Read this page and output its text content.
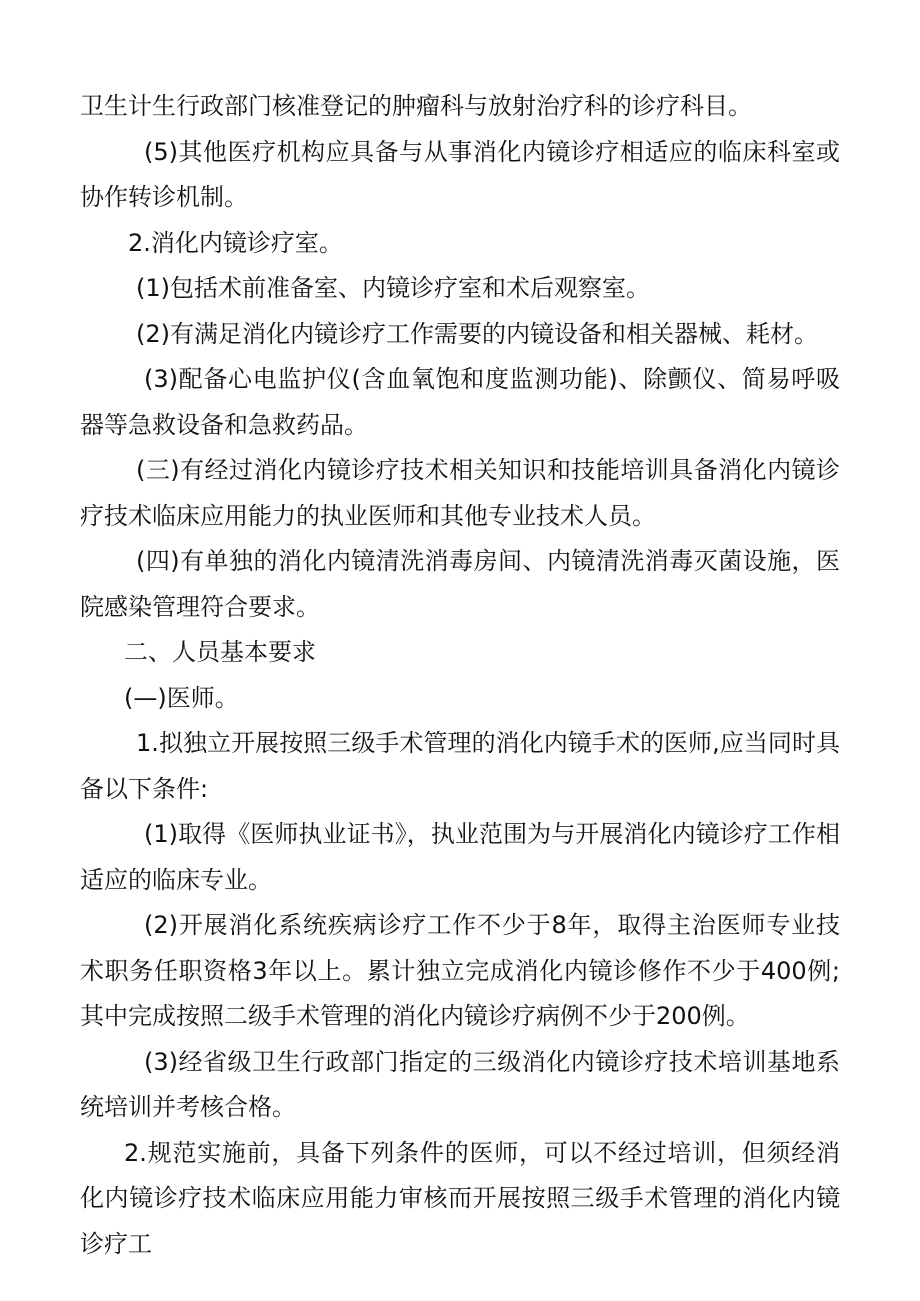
卫生计生行政部门核准登记的肿瘤科与放射治疗科的诊疗科目。

(5)其他医疗机构应具备与从事消化内镜诊疗相适应的临床科室或协作转诊机制。

2.消化内镜诊疗室。

(1)包括术前准备室、内镜诊疗室和术后观察室。

(2)有满足消化内镜诊疗工作需要的内镜设备和相关器械、耗材。

(3)配备心电监护仪(含血氧饱和度监测功能)、除颤仪、简易呼吸器等急救设备和急救药品。

(三)有经过消化内镜诊疗技术相关知识和技能培训具备消化内镜诊疗技术临床应用能力的执业医师和其他专业技术人员。

(四)有单独的消化内镜清洗消毒房间、内镜清洗消毒灭菌设施，医院感染管理符合要求。

二、人员基本要求

(—)医师。

1.拟独立开展按照三级手术管理的消化内镜手术的医师,应当同时具备以下条件:

(1)取得《医师执业证书》，执业范围为与开展消化内镜诊疗工作相适应的临床专业。

(2)开展消化系统疾病诊疗工作不少于8年，取得主治医师专业技术职务任职资格3年以上。累计独立完成消化内镜诊修作不少于400例;其中完成按照二级手术管理的消化内镜诊疗病例不少于200例。

(3)经省级卫生行政部门指定的三级消化内镜诊疗技术培训基地系统培训并考核合格。

2.规范实施前，具备下列条件的医师，可以不经过培训，但须经消化内镜诊疗技术临床应用能力审核而开展按照三级手术管理的消化内镜诊疗工
